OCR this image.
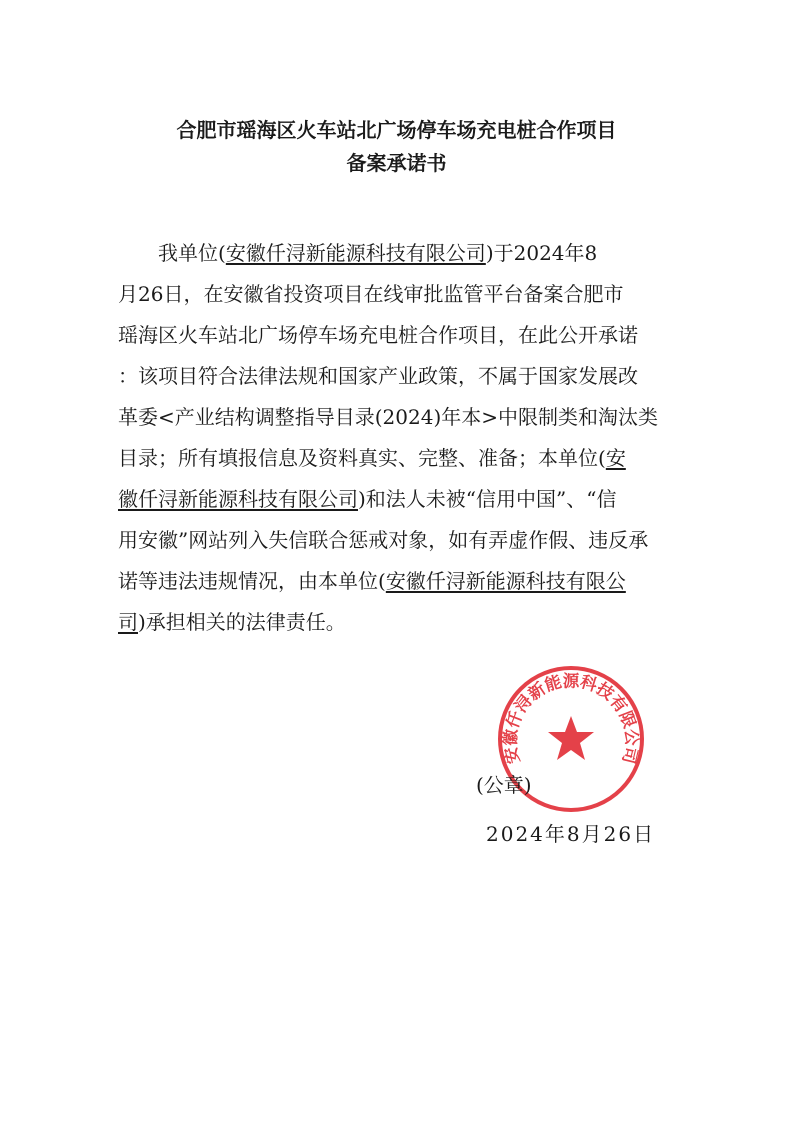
合肥市瑶海区火车站北广场停车场充电桩合作项目
备案承诺书
我单位(安徽仟浔新能源科技有限公司)于2024年8
月26日，在安徽省投资项目在线审批监管平台备案合肥市
瑶海区火车站北广场停车场充电桩合作项目，在此公开承诺
：该项目符合法律法规和国家产业政策，不属于国家发展改
革委<产业结构调整指导目录(2024)年本>中限制类和淘汰类
目录；所有填报信息及资料真实、完整、准备；本单位(安
徽仟浔新能源科技有限公司)和法人未被“信用中国”、“信
用安徽”网站列入失信联合惩戒对象，如有弄虚作假、违反承
诺等违法违规情况，由本单位(安徽仟浔新能源科技有限公
司)承担相关的法律责任。
安徽仟浔新能源科技有限公司
(公章)
2024年8月26日
